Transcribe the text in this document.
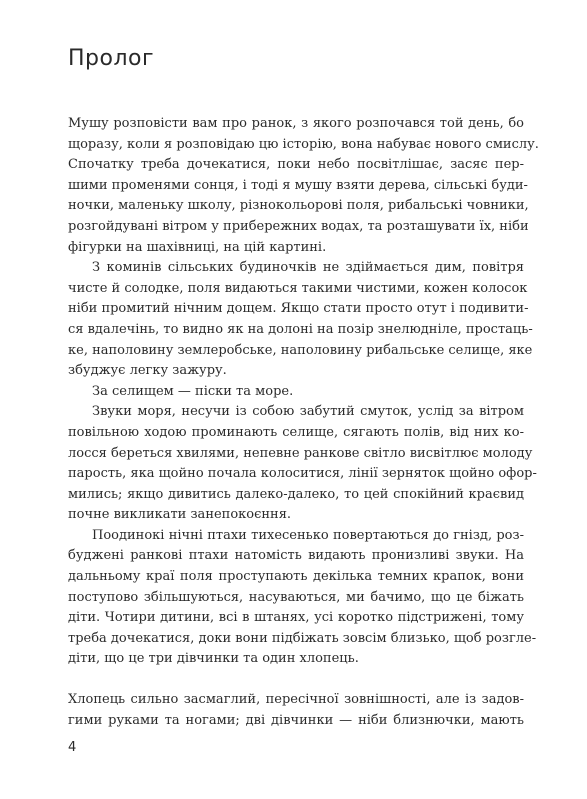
Пролог

Мушу розповісти вам про ранок, з якого розпочався той день, бо
щоразу, коли я розповідаю цю історію, вона набуває нового смислу.
Спочатку треба дочекатися, поки небо посвітлішає, засяє пер-
шими променями сонця, і тоді я мушу взяти дерева, сільські буди-
ночки, маленьку школу, різнокольорові поля, рибальські човники,
розгойдувані вітром у прибережних водах, та розташувати їх, ніби
фігурки на шахівниці, на цій картині.

З коминів сільських будиночків не здіймається дим, повітря
чисте й солодке, поля видаються такими чистими, кожен колосок
ніби промитий нічним дощем. Якщо стати просто отут і подивити-
ся вдалечінь, то видно як на долоні на позір знелюдніле, простаць-
ке, наполовину землеробське, наполовину рибальське селище, яке
збуджує легку зажуру.

За селищем — піски та море.

Звуки моря, несучи із собою забутий смуток, услід за вітром
повільною ходою проминають селище, сягають полів, від них ко-
лосся береться хвилями, непевне ранкове світло висвітлює молоду
парость, яка щойно почала колоситися, лінії зерняток щойно офор-
мились; якщо дивитись далеко-далеко, то цей спокійний краєвид
почне викликати занепокоєння.

Поодинокі нічні птахи тихесенько повертаються до гнізд, роз-
буджені ранкові птахи натомість видають пронизливі звуки. На
дальньому краї поля проступають декілька темних крапок, вони
поступово збільшуються, насуваються, ми бачимо, що це біжать
діти. Чотири дитини, всі в штанях, усі коротко підстрижені, тому
треба дочекатися, доки вони підбіжать зовсім близько, щоб розгле-
діти, що це три дівчинки та один хлопець.

Хлопець сильно засмаглий, пересічної зовнішності, але із задов-
гими руками та ногами; дві дівчинки — ніби близнючки, мають

4
